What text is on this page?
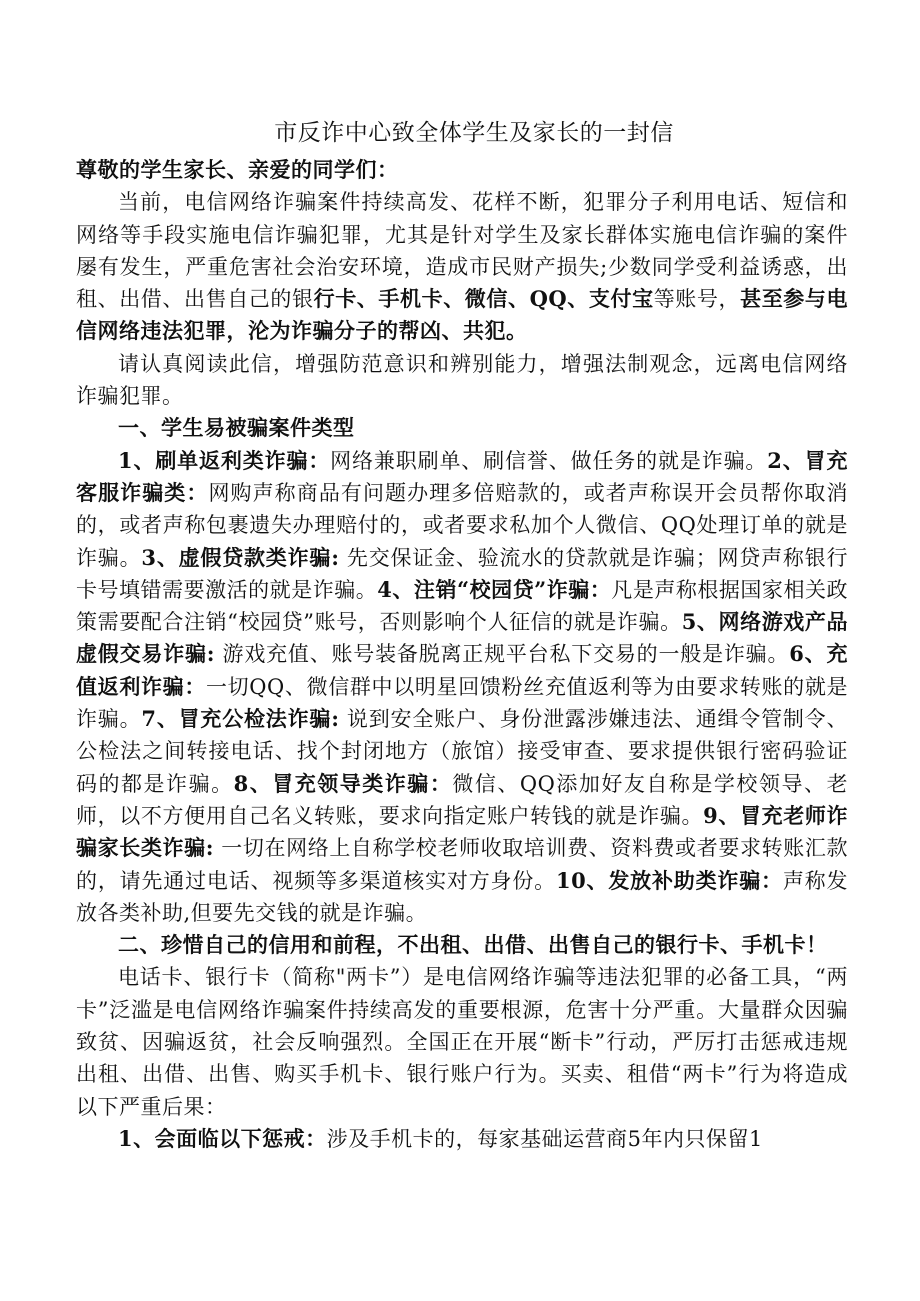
市反诈中心致全体学生及家长的一封信

尊敬的学生家长、亲爱的同学们：

当前，电信网络诈骗案件持续高发、花样不断，犯罪分子利用电话、短信和网络等手段实施电信诈骗犯罪，尤其是针对学生及家长群体实施电信诈骗的案件屡有发生，严重危害社会治安环境，造成市民财产损失;少数同学受利益诱惑，出租、出借、出售自己的银行卡、手机卡、微信、QQ、支付宝等账号，甚至参与电信网络违法犯罪，沦为诈骗分子的帮凶、共犯。

请认真阅读此信，增强防范意识和辨别能力，增强法制观念，远离电信网络诈骗犯罪。

一、学生易被骗案件类型

1、刷单返利类诈骗：网络兼职刷单、刷信誉、做任务的就是诈骗。2、冒充客服诈骗类：网购声称商品有问题办理多倍赔款的，或者声称误开会员帮你取消的，或者声称包裹遗失办理赔付的，或者要求私加个人微信、QQ处理订单的就是诈骗。3、虚假贷款类诈骗: 先交保证金、验流水的贷款就是诈骗；网贷声称银行卡号填错需要激活的就是诈骗。4、注销“校园贷”诈骗：凡是声称根据国家相关政策需要配合注销“校园贷”账号，否则影响个人征信的就是诈骗。5、网络游戏产品虚假交易诈骗: 游戏充值、账号装备脱离正规平台私下交易的一般是诈骗。6、充值返利诈骗：一切QQ、微信群中以明星回馈粉丝充值返利等为由要求转账的就是诈骗。7、冒充公检法诈骗: 说到安全账户、身份泄露涉嫌违法、通缉令管制令、公检法之间转接电话、找个封闭地方（旅馆）接受审查、要求提供银行密码验证码的都是诈骗。8、冒充领导类诈骗：微信、QQ添加好友自称是学校领导、老师，以不方便用自己名义转账，要求向指定账户转钱的就是诈骗。9、冒充老师诈骗家长类诈骗: 一切在网络上自称学校老师收取培训费、资料费或者要求转账汇款的，请先通过电话、视频等多渠道核实对方身份。10、发放补助类诈骗：声称发放各类补助,但要先交钱的就是诈骗。

二、珍惜自己的信用和前程，不出租、出借、出售自己的银行卡、手机卡！

电话卡、银行卡（简称"两卡”）是电信网络诈骗等违法犯罪的必备工具，“两卡”泛滥是电信网络诈骗案件持续高发的重要根源，危害十分严重。大量群众因骗致贫、因骗返贫，社会反响强烈。全国正在开展“断卡”行动，严厉打击惩戒违规出租、出借、出售、购买手机卡、银行账户行为。买卖、租借“两卡”行为将造成以下严重后果：

1、会面临以下惩戒：涉及手机卡的，每家基础运营商5年内只保留1
